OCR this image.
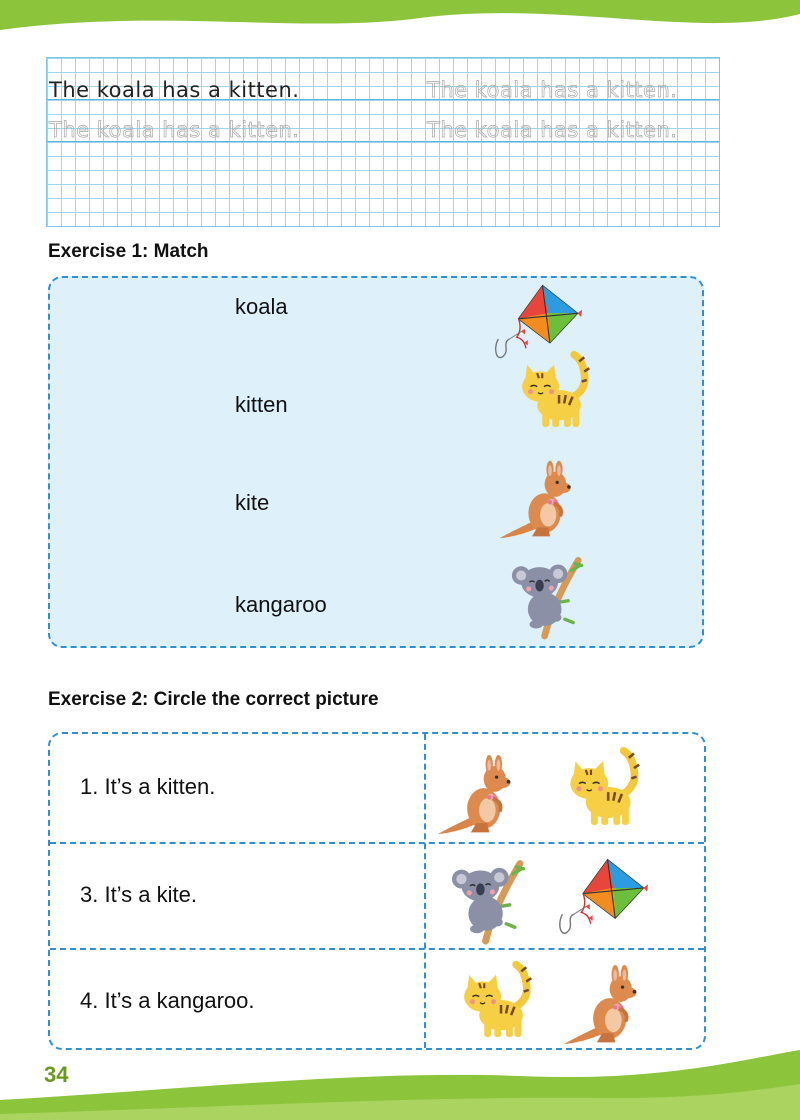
The koala has a kitten.	The koala has a kitten.
The koala has a kitten.	The koala has a kitten.
Exercise 1: Match
koala
kitten
kite
kangaroo
Exercise 2: Circle the correct picture
1. It’s a kitten.
3. It’s a kite.
4. It’s a kangaroo.
34
